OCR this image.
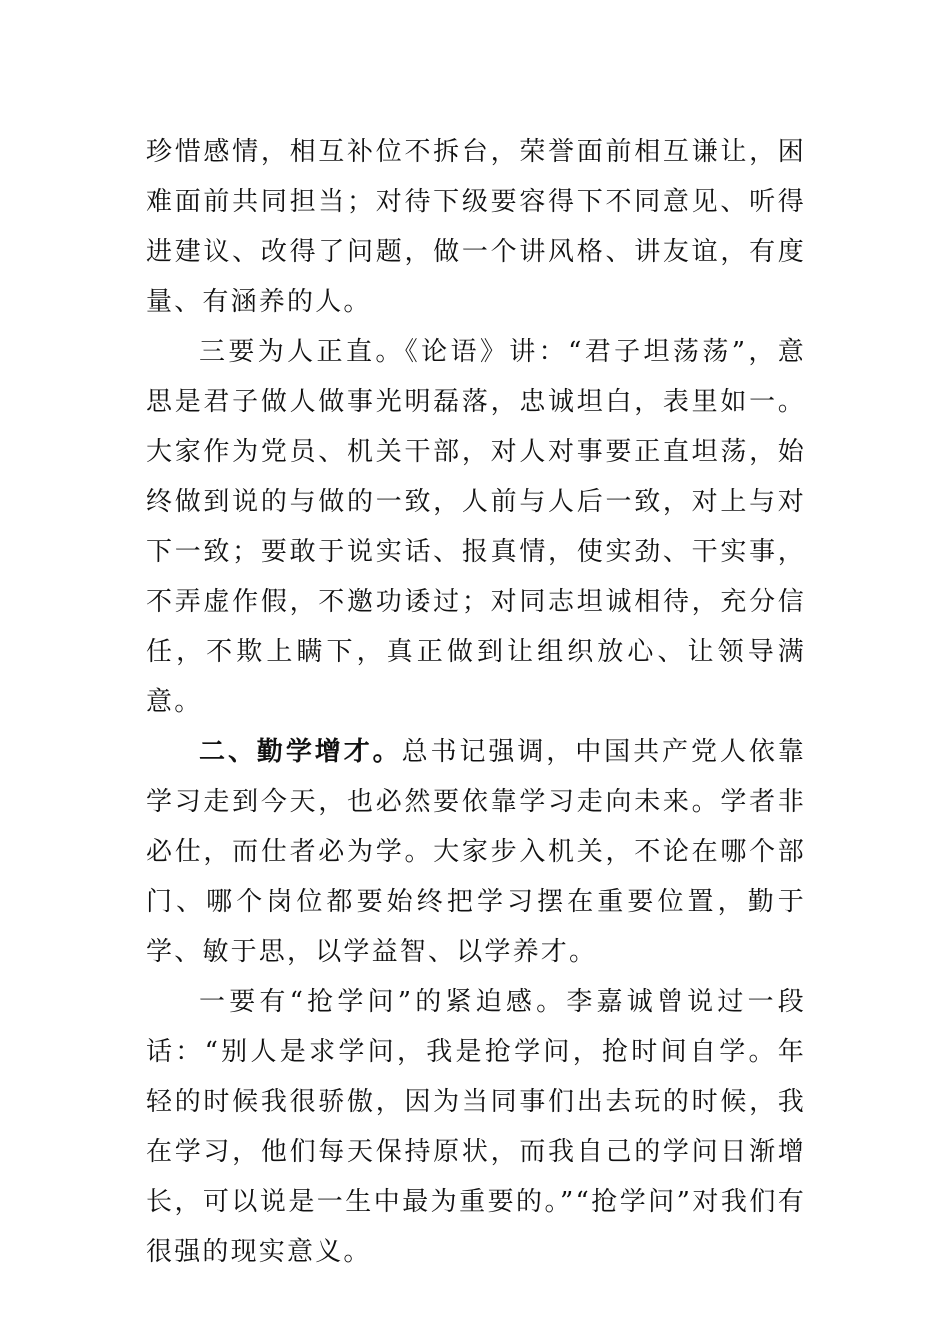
珍惜感情，相互补位不拆台，荣誉面前相互谦让，困难面前共同担当；对待下级要容得下不同意见、听得进建议、改得了问题，做一个讲风格、讲友谊，有度量、有涵养的人。

三要为人正直。《论语》讲：“君子坦荡荡”，意思是君子做人做事光明磊落，忠诚坦白，表里如一。大家作为党员、机关干部，对人对事要正直坦荡，始终做到说的与做的一致，人前与人后一致，对上与对下一致；要敢于说实话、报真情，使实劲、干实事，不弄虚作假，不邀功诿过；对同志坦诚相待，充分信任，不欺上瞒下，真正做到让组织放心、让领导满意。

二、勤学增才。总书记强调，中国共产党人依靠学习走到今天，也必然要依靠学习走向未来。学者非必仕，而仕者必为学。大家步入机关，不论在哪个部门、哪个岗位都要始终把学习摆在重要位置，勤于学、敏于思，以学益智、以学养才。

一要有“抢学问”的紧迫感。李嘉诚曾说过一段话：“别人是求学问，我是抢学问，抢时间自学。年轻的时候我很骄傲，因为当同事们出去玩的时候，我在学习，他们每天保持原状，而我自己的学问日渐增长，可以说是一生中最为重要的。”“抢学问”对我们有很强的现实意义。
